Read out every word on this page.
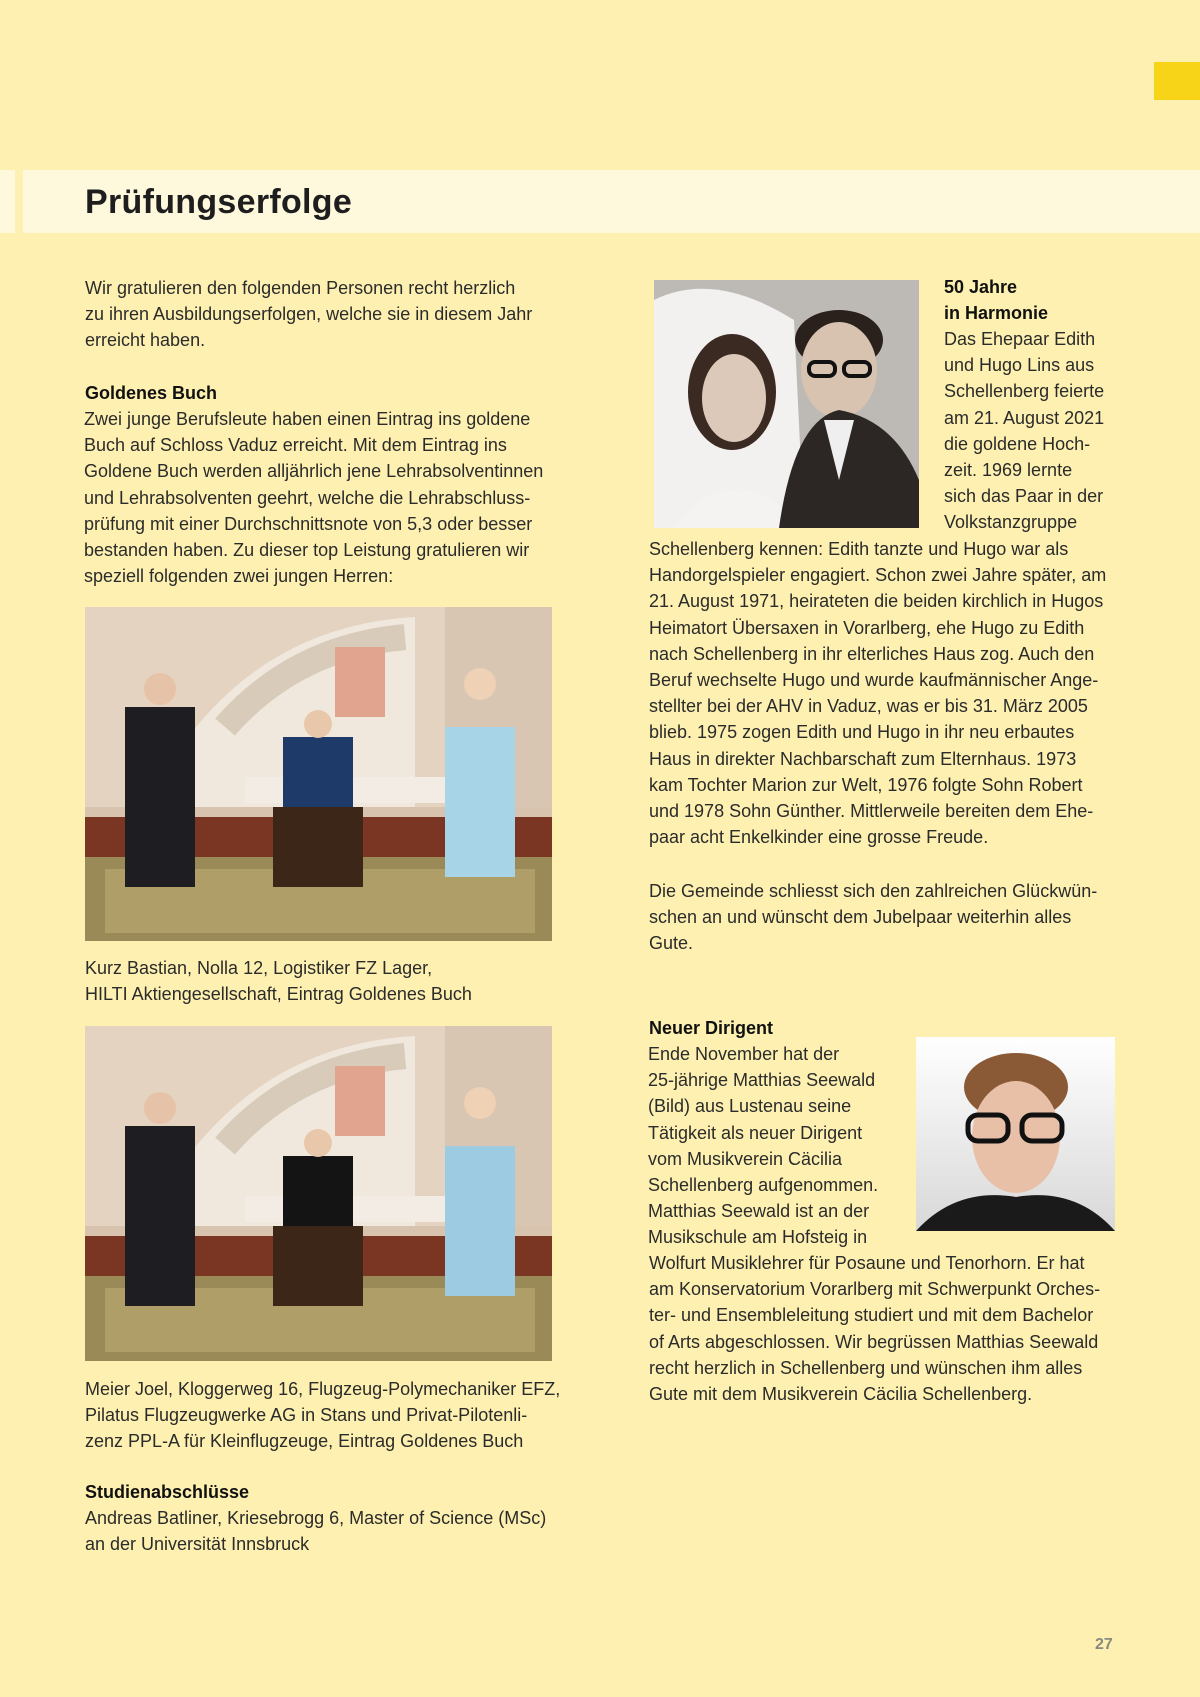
Prüfungserfolge
Wir gratulieren den folgenden Personen recht herzlich
zu ihren Ausbildungserfolgen, welche sie in diesem Jahr
erreicht haben.
Goldenes Buch
Zwei junge Berufsleute haben einen Eintrag ins goldene
Buch auf Schloss Vaduz erreicht. Mit dem Eintrag ins
Goldene Buch werden alljährlich jene Lehrabsolventinnen
und Lehrabsolventen geehrt, welche die Lehrabschluss-
prüfung mit einer Durchschnittsnote von 5,3 oder besser
bestanden haben. Zu dieser top Leistung gratulieren wir
speziell folgenden zwei jungen Herren:
Kurz Bastian, Nolla 12, Logistiker FZ Lager,
HILTI Aktiengesellschaft, Eintrag Goldenes Buch
Meier Joel, Kloggerweg 16, Flugzeug-Polymechaniker EFZ,
Pilatus Flugzeugwerke AG in Stans und Privat-Pilotenli-
zenz PPL-A für Kleinflugzeuge, Eintrag Goldenes Buch
Studienabschlüsse
Andreas Batliner, Kriesebrogg 6, Master of Science (MSc)
an der Universität Innsbruck
50 Jahre
in Harmonie
Das Ehepaar Edith
und Hugo Lins aus
Schellenberg feierte
am 21. August 2021
die goldene Hoch-
zeit. 1969 lernte
sich das Paar in der
Volkstanzgruppe
Schellenberg kennen: Edith tanzte und Hugo war als
Handorgelspieler engagiert. Schon zwei Jahre später, am
21. August 1971, heirateten die beiden kirchlich in Hugos
Heimatort Übersaxen in Vorarlberg, ehe Hugo zu Edith
nach Schellenberg in ihr elterliches Haus zog. Auch den
Beruf wechselte Hugo und wurde kaufmännischer Ange-
stellter bei der AHV in Vaduz, was er bis 31. März 2005
blieb. 1975 zogen Edith und Hugo in ihr neu erbautes
Haus in direkter Nachbarschaft zum Elternhaus. 1973
kam Tochter Marion zur Welt, 1976 folgte Sohn Robert
und 1978 Sohn Günther. Mittlerweile bereiten dem Ehe-
paar acht Enkelkinder eine grosse Freude.
Die Gemeinde schliesst sich den zahlreichen Glückwün-
schen an und wünscht dem Jubelpaar weiterhin alles
Gute.
Neuer Dirigent
Ende November hat der
25-jährige Matthias Seewald
(Bild) aus Lustenau seine
Tätigkeit als neuer Dirigent
vom Musikverein Cäcilia
Schellenberg aufgenommen.
Matthias Seewald ist an der
Musikschule am Hofsteig in
Wolfurt Musiklehrer für Posaune und Tenorhorn. Er hat
am Konservatorium Vorarlberg mit Schwerpunkt Orches-
ter- und Ensembleleitung studiert und mit dem Bachelor
of Arts abgeschlossen. Wir begrüssen Matthias Seewald
recht herzlich in Schellenberg und wünschen ihm alles
Gute mit dem Musikverein Cäcilia Schellenberg.
27
